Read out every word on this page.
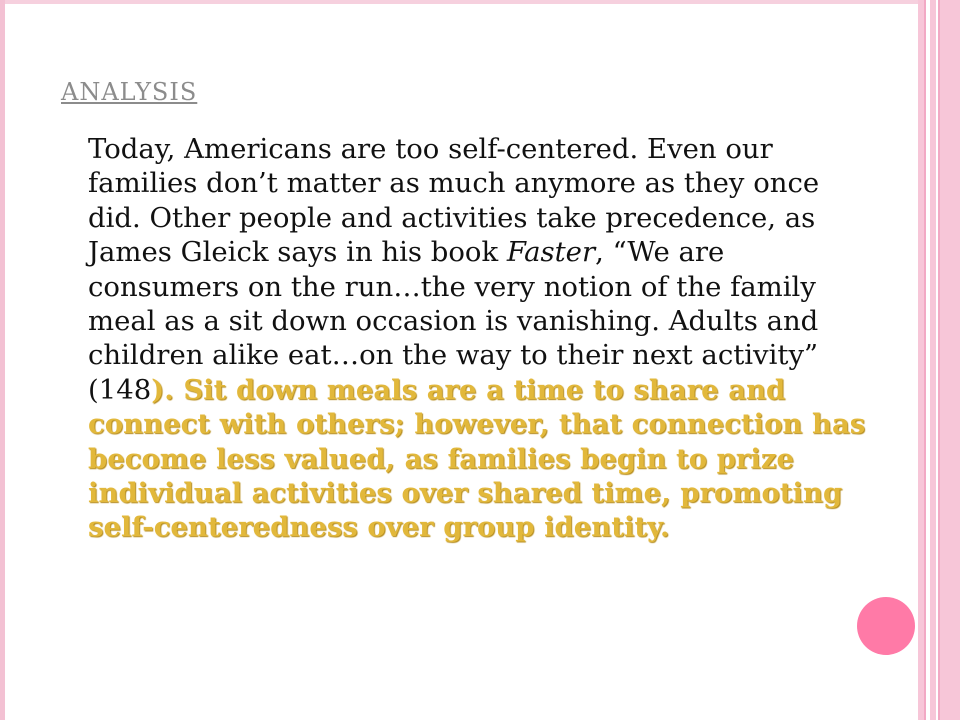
ANALYSIS

Today, Americans are too self-centered. Even our families don’t matter as much anymore as they once did. Other people and activities take precedence, as James Gleick says in his book Faster, “We are consumers on the run…the very notion of the family meal as a sit down occasion is vanishing. Adults and children alike eat…on the way to their next activity” (148). Sit down meals are a time to share and connect with others; however, that connection has become less valued, as families begin to prize individual activities over shared time, promoting self-centeredness over group identity.
